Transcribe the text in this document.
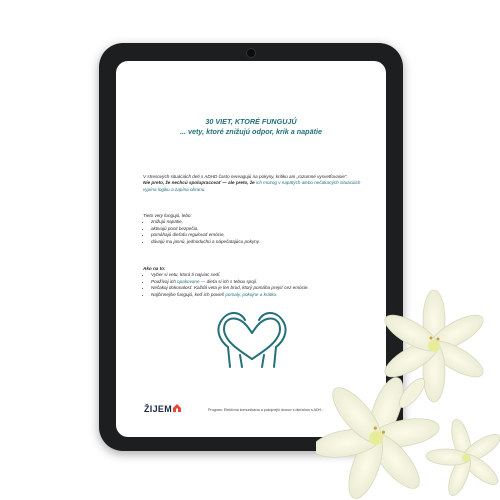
30 VIET, KTORÉ FUNGUJÚ
... vety, ktoré znižujú odpor, krik a napätie

V stresových situáciách deti s ADHD často nereagujú na pokyny, kritiku ani „rozumné vysvetľovanie“.

Nie preto, že nechcú spolupracovať — ale preto, že ich mozog v napätých alebo nečakaných situáciách vypína logiku a zapína obranu.

Tieto vety fungujú, lebo:

• znižujú napätie,
• aktivujú pocit bezpečia,
• pomáhajú dieťaťu regulovať emócie,
• dávajú mu jasnú, jednoduchú a nápečatajúcu pokyny.

Ako na to:

• Vyber si vetu, ktorá ti najviac sedí.
• Používaj ich opakovane — dieťa si ich s tebou spojí.
• Nečakaj dokonalosť. Každá veta je len brod, ktorý pomáha prejsť cez emócie.
• Najčinnejšie fungujú, keď ich povieš pomaly, pokojne a krátko.
ŽIJEM	Program: Efektívna komunikácia a pokojnejší domov s dieťaťom s ADH...
